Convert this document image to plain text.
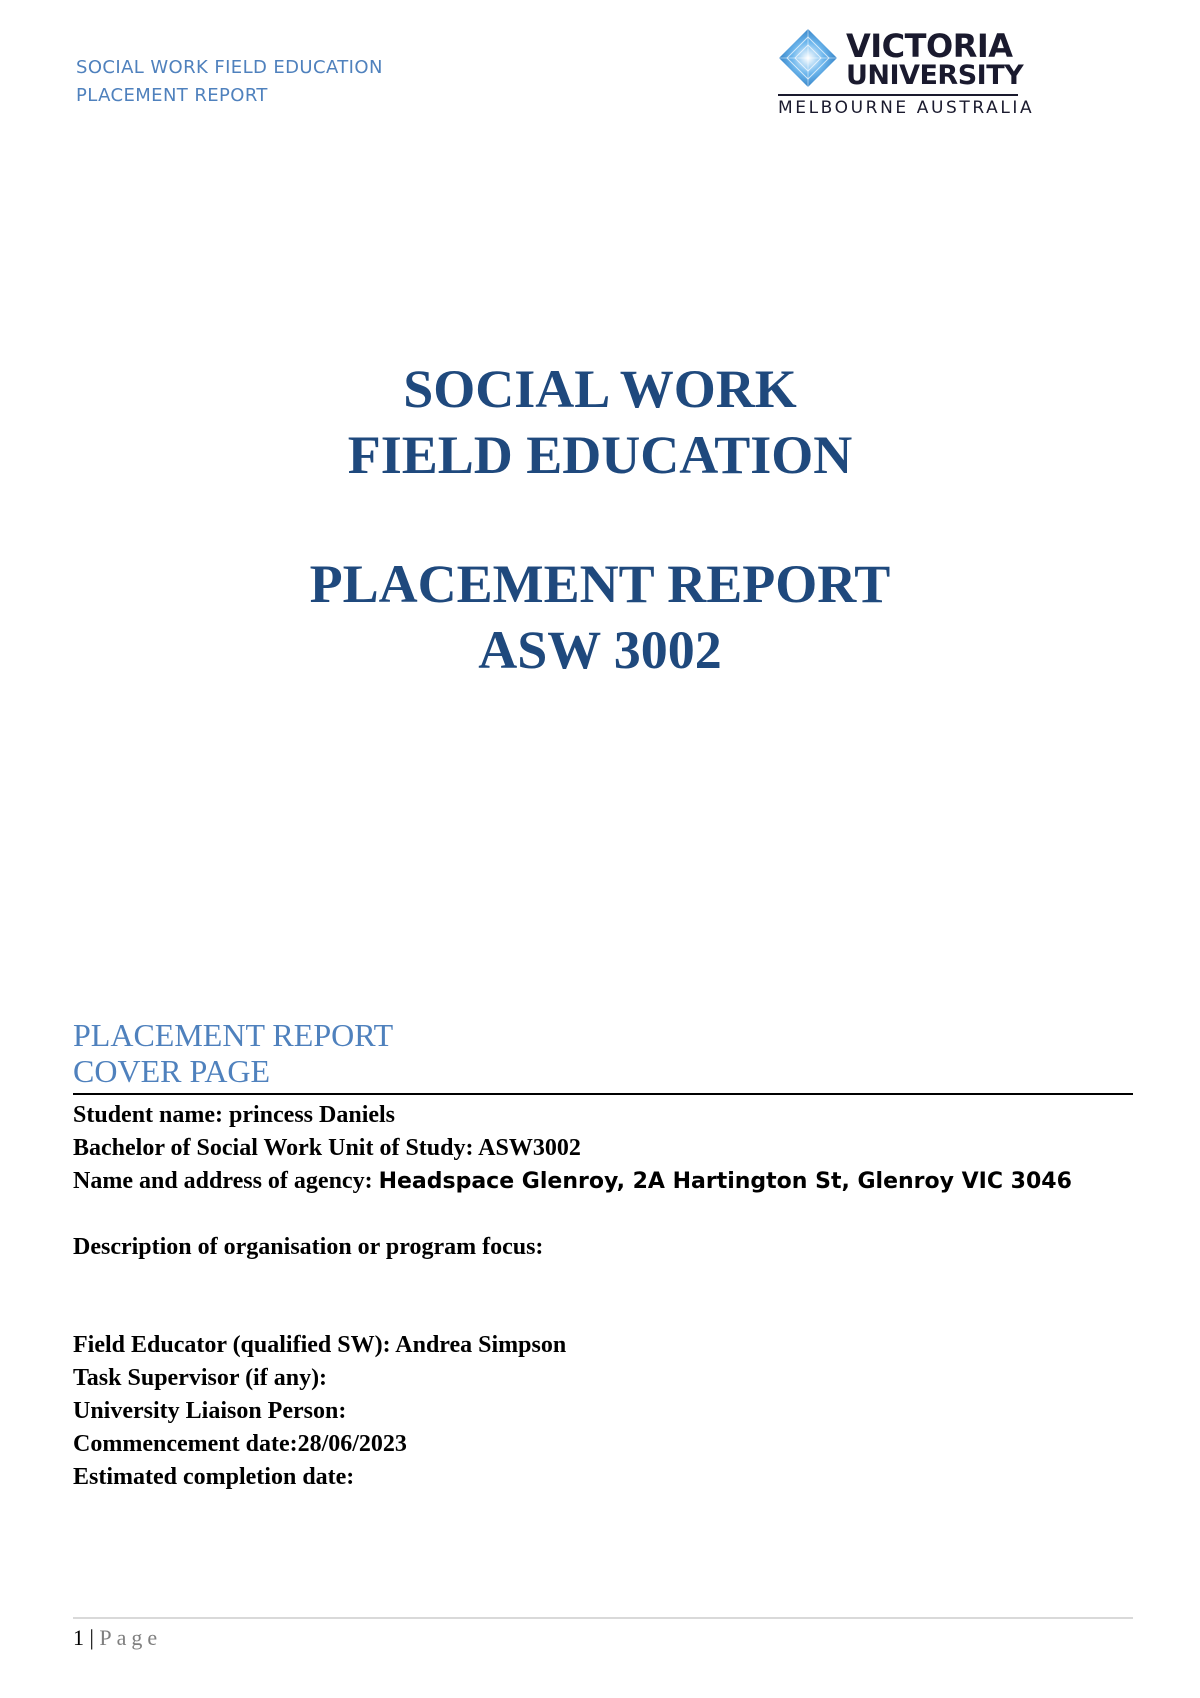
SOCIAL WORK FIELD EDUCATION
PLACEMENT REPORT
VICTORIA
UNIVERSITY
MELBOURNE AUSTRALIA
SOCIAL WORK
FIELD EDUCATION
PLACEMENT REPORT
ASW 3002
PLACEMENT REPORT
COVER PAGE
Student name: princess Daniels
Bachelor of Social Work Unit of Study: ASW3002
Name and address of agency: Headspace Glenroy, 2A Hartington St, Glenroy VIC 3046
Description of organisation or program focus:
Field Educator (qualified SW): Andrea Simpson
Task Supervisor (if any):
University Liaison Person:
Commencement date:28/06/2023
Estimated completion date:
1 | Page
